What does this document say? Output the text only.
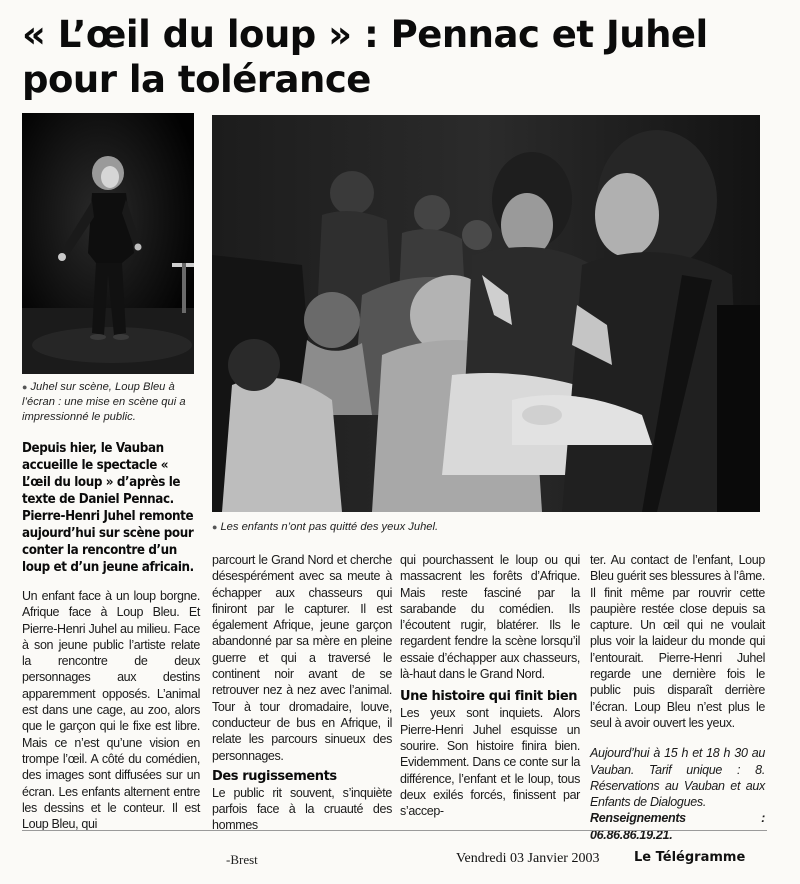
« L’œil du loup » : Pennac et Juhel pour la tolérance

● Juhel sur scène, Loup Bleu à l’écran : une mise en scène qui a impressionné le public.

● Les enfants n’ont pas quitté des yeux Juhel.

Depuis hier, le Vauban accueille le spectacle « L’œil du loup » d’après le texte de Daniel Pennac. Pierre-Henri Juhel remonte aujourd’hui sur scène pour conter la rencontre d’un loup et d’un jeune africain.

Un enfant face à un loup borgne. Afrique face à Loup Bleu. Et Pierre-Henri Juhel au milieu. Face à son jeune public l’artiste relate la rencontre de deux personnages aux destins apparemment opposés. L’animal est dans une cage, au zoo, alors que le garçon qui le fixe est libre. Mais ce n’est qu’une vision en trompe l’œil. A côté du comédien, des images sont diffusées sur un écran. Les enfants alternent entre les dessins et le conteur. Il est Loup Bleu, qui

parcourt le Grand Nord et cherche désespérément avec sa meute à échapper aux chasseurs qui finiront par le capturer. Il est également Afrique, jeune garçon abandonné par sa mère en pleine guerre et qui a traversé le continent noir avant de se retrouver nez à nez avec l’animal. Tour à tour dromadaire, louve, conducteur de bus en Afrique, il relate les parcours sinueux des personnages.

Des rugissements

Le public rit souvent, s’inquiète parfois face à la cruauté des hommes

qui pourchassent le loup ou qui massacrent les forêts d’Afrique. Mais reste fasciné par la sarabande du comédien. Ils l’écoutent rugir, blatérer. Ils le regardent fendre la scène lorsqu’il essaie d’échapper aux chasseurs, là-haut dans le Grand Nord.

Une histoire qui finit bien

Les yeux sont inquiets. Alors Pierre-Henri Juhel esquisse un sourire. Son histoire finira bien. Evidemment. Dans ce conte sur la différence, l’enfant et le loup, tous deux exilés forcés, finissent par s’accep-

ter. Au contact de l’enfant, Loup Bleu guérit ses blessures à l’âme. Il finit même par rouvrir cette paupière restée close depuis sa capture. Un œil qui ne voulait plus voir la laideur du monde qui l’entourait. Pierre-Henri Juhel regarde une dernière fois le public puis disparaît derrière l’écran. Loup Bleu n’est plus le seul à avoir ouvert les yeux.

Aujourd’hui à 15 h et 18 h 30 au Vauban. Tarif unique : 8. Réservations au Vauban et aux Enfants de Dialogues.

Renseignements : 06.86.86.19.21.

-Brest	Vendredi 03 Janvier 2003	Le Télégramme
